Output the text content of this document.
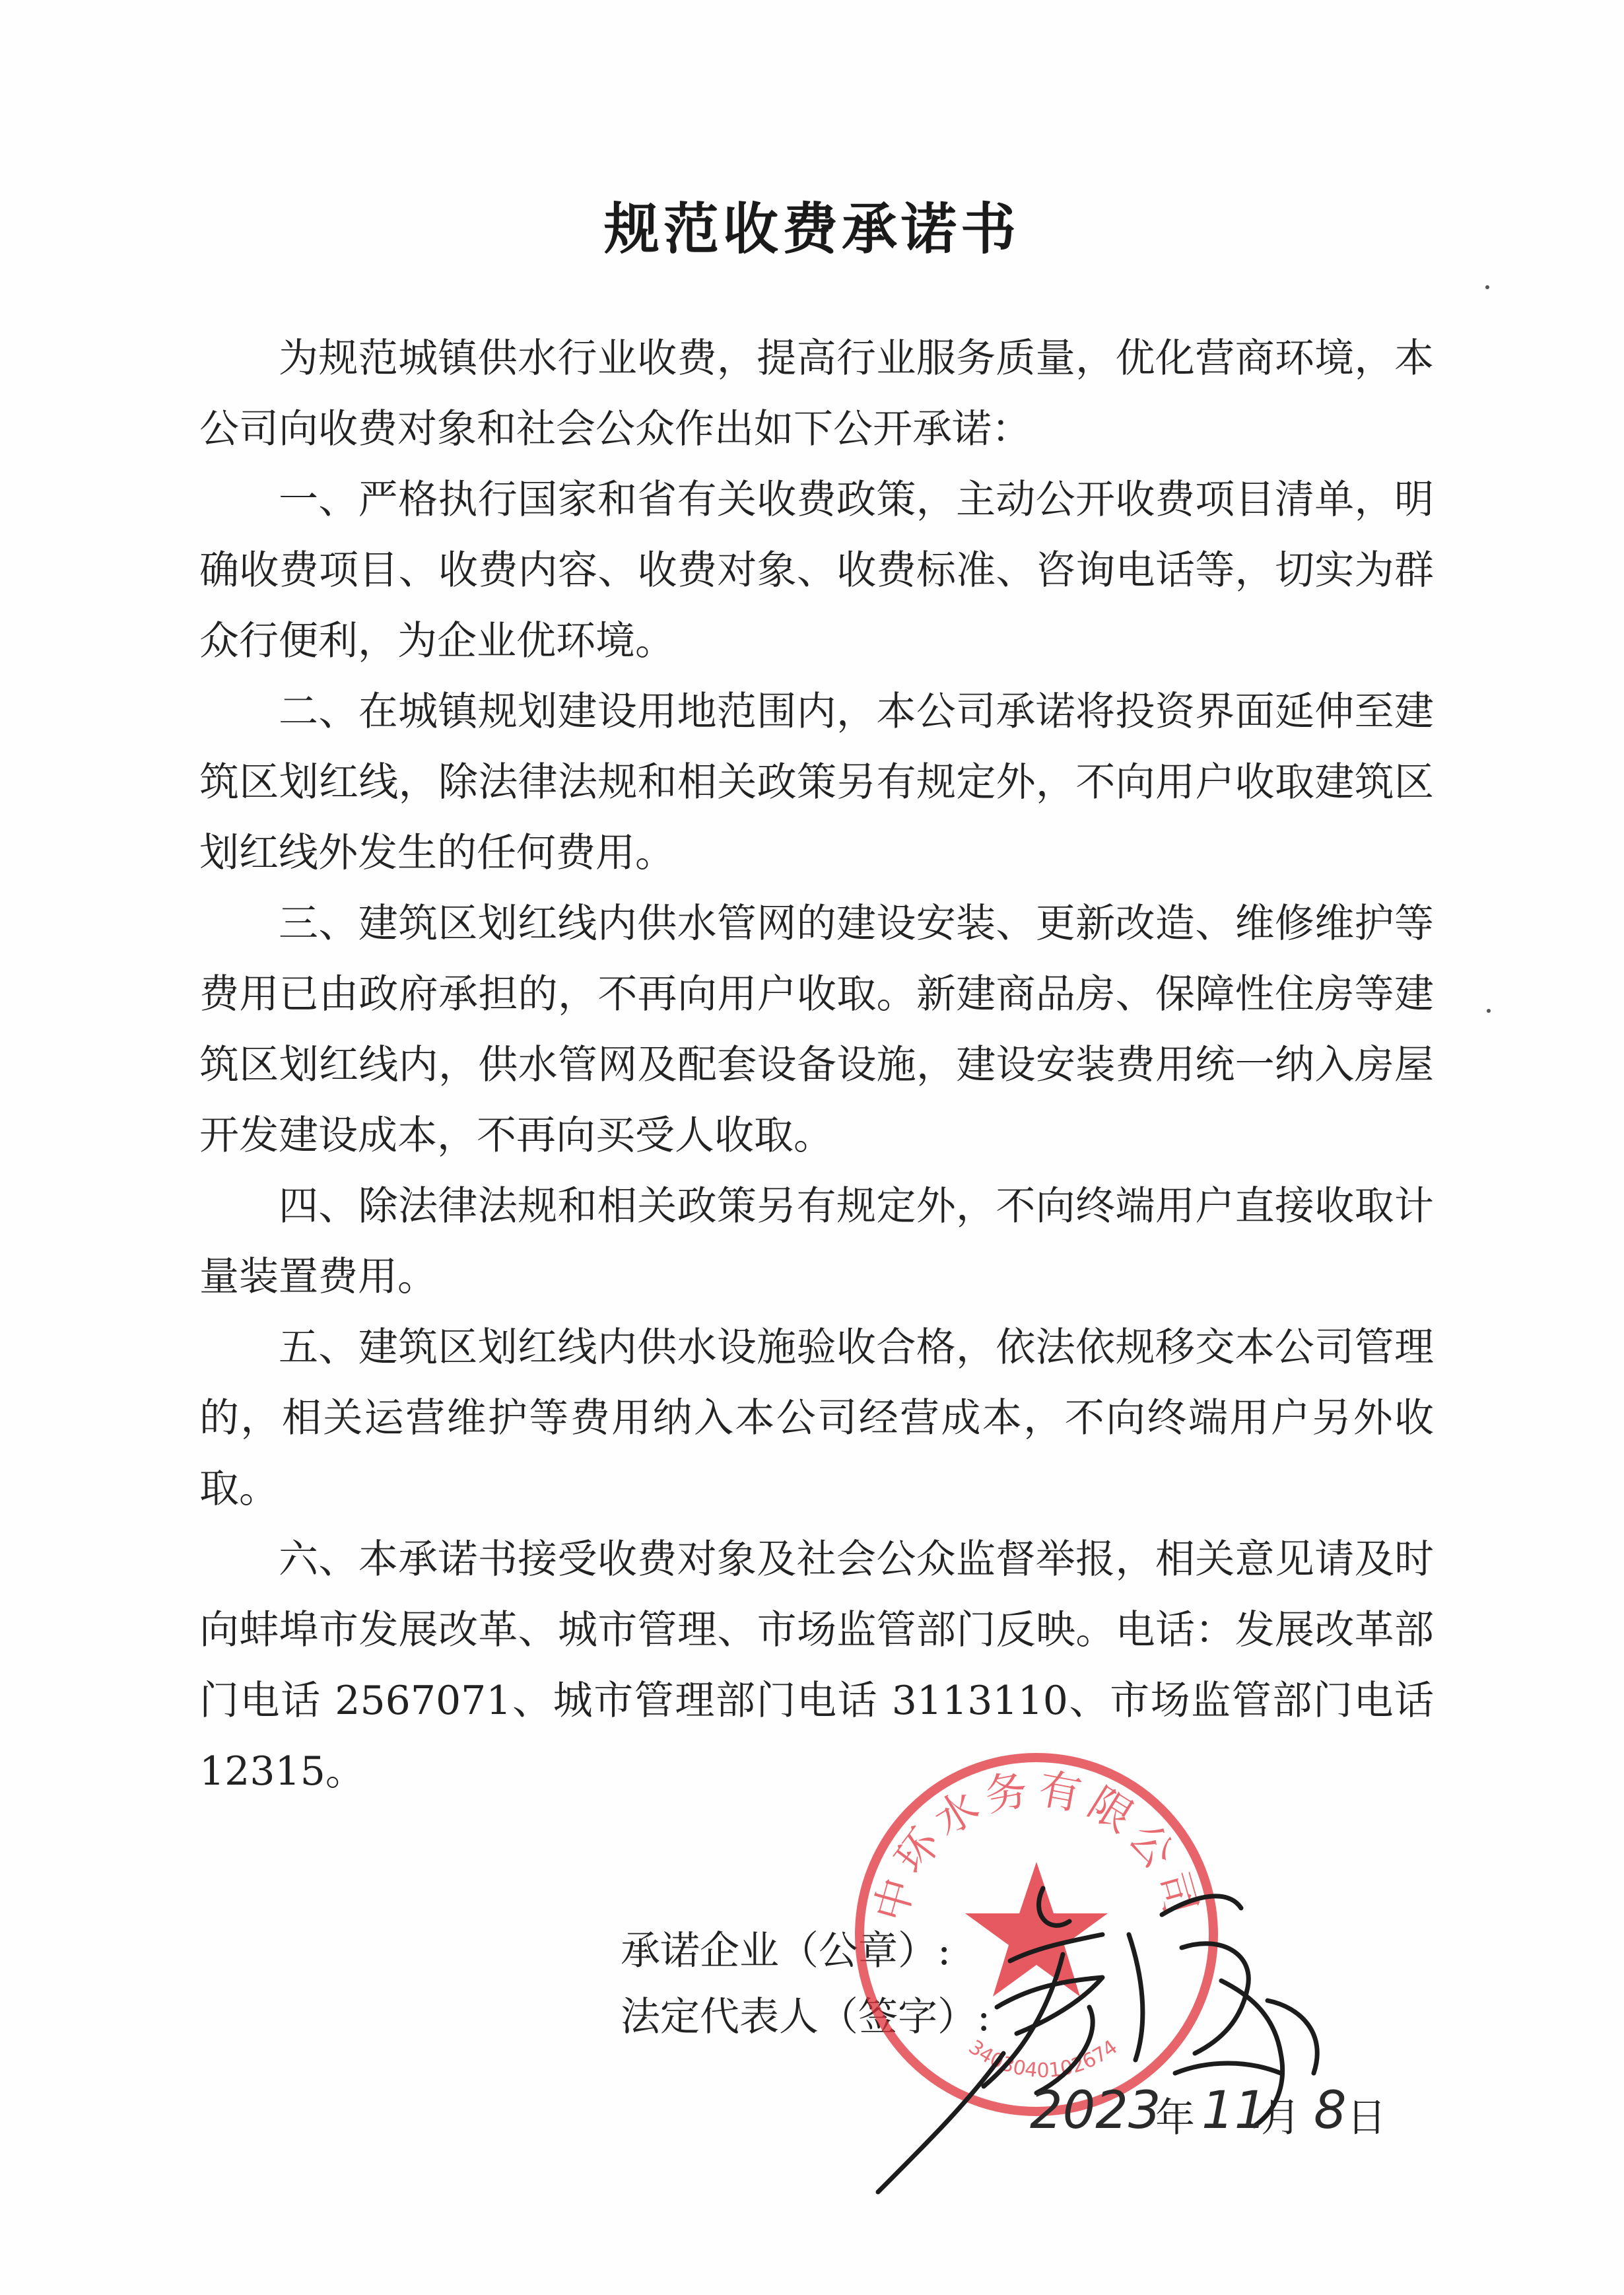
规范收费承诺书

为规范城镇供水行业收费，提高行业服务质量，优化营商环境，本公司向收费对象和社会公众作出如下公开承诺：

一、严格执行国家和省有关收费政策，主动公开收费项目清单，明确收费项目、收费内容、收费对象、收费标准、咨询电话等，切实为群众行便利，为企业优环境。

二、在城镇规划建设用地范围内，本公司承诺将投资界面延伸至建筑区划红线，除法律法规和相关政策另有规定外，不向用户收取建筑区划红线外发生的任何费用。

三、建筑区划红线内供水管网的建设安装、更新改造、维修维护等费用已由政府承担的，不再向用户收取。新建商品房、保障性住房等建筑区划红线内，供水管网及配套设备设施，建设安装费用统一纳入房屋开发建设成本，不再向买受人收取。

四、除法律法规和相关政策另有规定外，不向终端用户直接收取计量装置费用。

五、建筑区划红线内供水设施验收合格，依法依规移交本公司管理的，相关运营维护等费用纳入本公司经营成本，不向终端用户另外收取。

六、本承诺书接受收费对象及社会公众监督举报，相关意见请及时向蚌埠市发展改革、城市管理、市场监管部门反映。电话：发展改革部门电话 2567071、城市管理部门电话 3113110、市场监管部门电话 12315。

承诺企业（公章）:
法定代表人（签字）:
中环水务有限公司
3403040102674
2023
年 11
月 8 日
